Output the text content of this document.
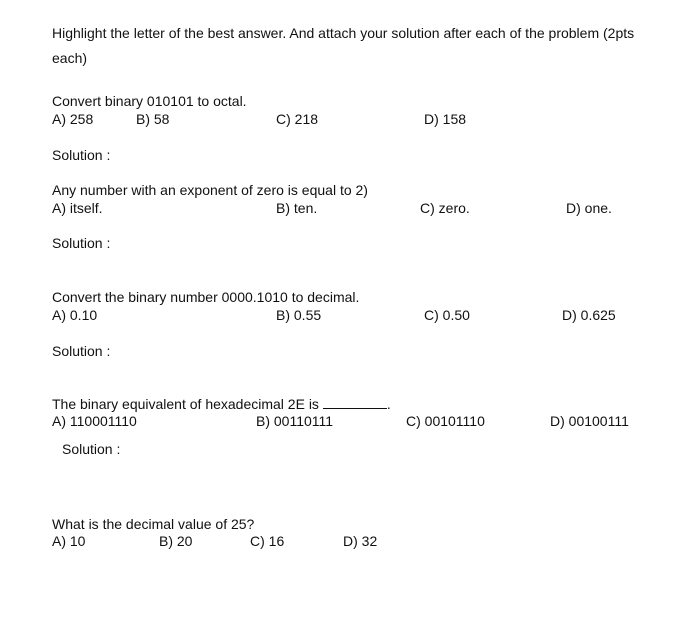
Highlight the letter of the best answer. And attach your solution after each of the problem (2pts
each)
Convert binary 010101 to octal.
A) 258	B) 58	C) 218	D) 158
Solution :
Any number with an exponent of zero is equal to 2)
A) itself.	B) ten.	C) zero.	D) one.
Solution :
Convert the binary number 0000.1010 to decimal.
A) 0.10	B) 0.55	C) 0.50	D) 0.625
Solution :
The binary equivalent of hexadecimal 2E is	.
A) 110001110	B) 00110111	C) 00101110	D) 00100111
Solution :
What is the decimal value of 25?
A) 10	B) 20	C) 16	D) 32
